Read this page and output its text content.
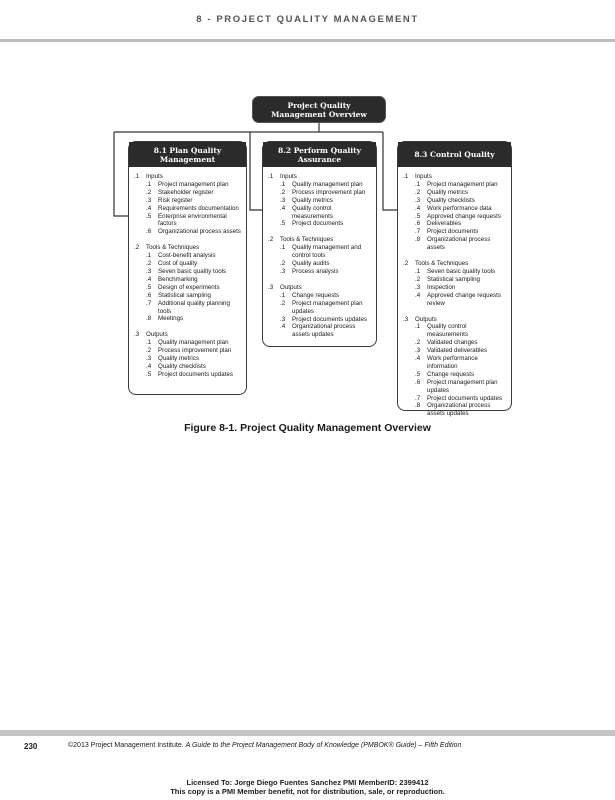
8 - PROJECT QUALITY MANAGEMENT
Project Quality
Management Overview
8.1 Plan Quality
Management
.1	Inputs
.1	Project management plan
.2	Stakeholder register
.3	Risk register
.4	Requirements documentation
.5	Enterprise environmental factors
.6	Organizational process assets
.2	Tools & Techniques
.1	Cost-benefit analysis
.2	Cost of quality
.3	Seven basic quality tools
.4	Benchmarking
.5	Design of experiments
.6	Statistical sampling
.7	Additional quality planning tools
.8	Meetings
.3	Outputs
.1	Quality management plan
.2	Process improvement plan
.3	Quality metrics
.4	Quality checklists
.5	Project documents updates
8.2 Perform Quality
Assurance
.1	Inputs
.1	Quality management plan
.2	Process improvement plan
.3	Quality metrics
.4	Quality control measurements
.5	Project documents
.2	Tools & Techniques
.1	Quality management and control tools
.2	Quality audits
.3	Process analysis
.3	Outputs
.1	Change requests
.2	Project management plan updates
.3	Project documents updates
.4	Organizational process assets updates
8.3 Control Quality
.1	Inputs
.1	Project management plan
.2	Quality metrics
.3	Quality checklists
.4	Work performance data
.5	Approved change requests
.6	Deliverables
.7	Project documents
.8	Organizational process assets
.2	Tools & Techniques
.1	Seven basic quality tools
.2	Statistical sampling
.3	Inspection
.4	Approved change requests review
.3	Outputs
.1	Quality control measurements
.2	Validated changes
.3	Validated deliverables
.4	Work performance information
.5	Change requests
.6	Project management plan updates
.7	Project documents updates
.8	Organizational process assets updates
Figure 8-1. Project Quality Management Overview
230	©2013 Project Management Institute. A Guide to the Project Management Body of Knowledge (PMBOK® Guide) – Fifth Edition
Licensed To: Jorge Diego Fuentes Sanchez PMI MemberID: 2399412
This copy is a PMI Member benefit, not for distribution, sale, or reproduction.
